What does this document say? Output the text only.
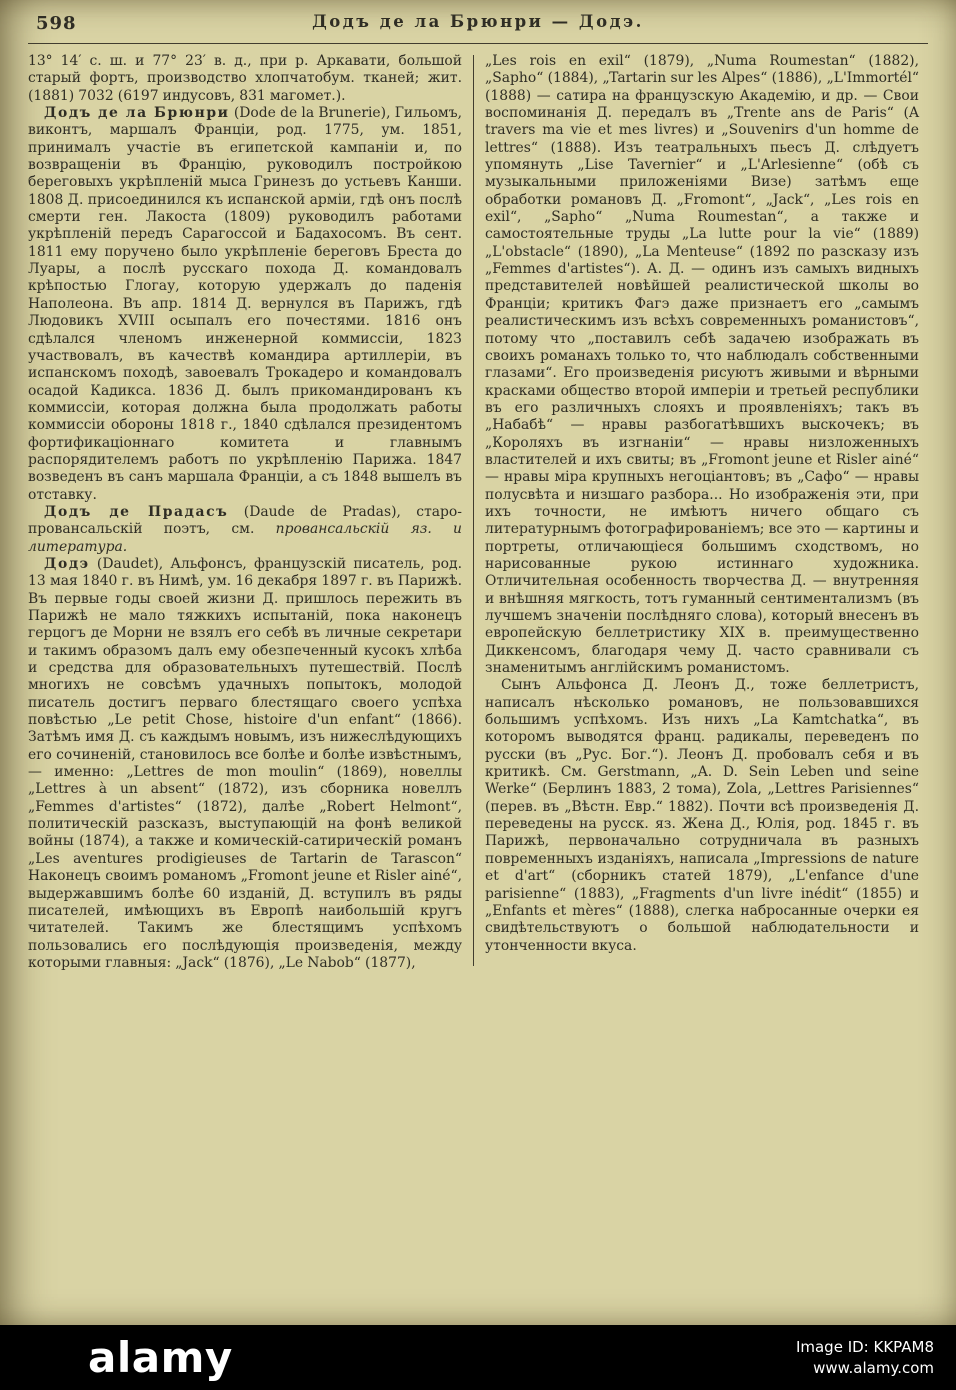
598	Додъ де ла Брюнри — Додэ.

13° 14′ с. ш. и 77° 23′ в. д., при р. Аркавати, большой старый фортъ, производство хлопчатобум. тканей; жит. (1881) 7032 (6197 индусовъ, 831 магомет.).

Додъ де ла Брюнри (Dode de la Brunerie), Гильомъ, виконтъ, маршалъ Франціи, род. 1775, ум. 1851, принималъ участіе въ египетской кампаніи и, по возвращеніи въ Францію, руководилъ постройкою береговыхъ укрѣпленій мыса Гринезъ до устьевъ Канши. 1808 Д. присоединился къ испанской арміи, гдѣ онъ послѣ смерти ген. Лакоста (1809) руководилъ работами укрѣпленій передъ Сарагоссой и Бадахосомъ. Въ сент. 1811 ему поручено было укрѣпленіе береговъ Бреста до Луары, а послѣ русскаго похода Д. командовалъ крѣпостью Глогау, которую удержалъ до паденія Наполеона. Въ апр. 1814 Д. вернулся въ Парижъ, гдѣ Людовикъ XVIII осыпалъ его почестями. 1816 онъ сдѣлался членомъ инженерной коммиссіи, 1823 участвовалъ, въ качествѣ командира артиллеріи, въ испанскомъ походѣ, завоевалъ Трокадеро и командовалъ осадой Кадикса. 1836 Д. былъ прикомандированъ къ коммиссіи, которая должна была продолжать работы коммиссіи обороны 1818 г., 1840 сдѣлался президентомъ фортификаціоннаго комитета и главнымъ распорядителемъ работъ по укрѣпленію Парижа. 1847 возведенъ въ санъ маршала Франціи, а съ 1848 вышелъ въ отставку.

Додъ де Прадасъ (Daude de Pradas), старо-провансальскій поэтъ, см. провансальскій яз. и литература.

Додэ (Daudet), Альфонсъ, французскій писатель, род. 13 мая 1840 г. въ Нимѣ, ум. 16 декабря 1897 г. въ Парижѣ. Въ первые годы своей жизни Д. пришлось пережить въ Парижѣ не мало тяжкихъ испытаній, пока наконецъ герцогъ де Морни не взялъ его себѣ въ личные секретари и такимъ образомъ далъ ему обезпеченный кусокъ хлѣба и средства для образовательныхъ путешествій. Послѣ многихъ не совсѣмъ удачныхъ попытокъ, молодой писатель достигъ перваго блестящаго своего успѣха повѣстью „Le petit Chose, histoire d'un enfant“ (1866). Затѣмъ имя Д. съ каждымъ новымъ, изъ нижеслѣдующихъ его сочиненій, становилось все болѣе и болѣе извѣстнымъ, — именно: „Lettres de mon moulin“ (1869), новеллы „Lettres à un absent“ (1872), изъ сборника новеллъ „Femmes d'artistes“ (1872), далѣе „Robert Helmont“, политическій разсказъ, выступающій на фонѣ великой войны (1874), а также и комическій-сатирическій романъ „Les aventures prodigieuses de Tartarin de Tarascon“ Наконецъ своимъ романомъ „Fromont jeune et Risler ainé“, выдержавшимъ болѣе 60 изданій, Д. вступилъ въ ряды писателей, имѣющихъ въ Европѣ наибольшій кругъ читателей. Такимъ же блестящимъ успѣхомъ пользовались его послѣдующія произведенія, между которыми главныя: „Jack“ (1876), „Le Nabob“ (1877),

„Les rois en exil“ (1879), „Numa Roumestan“ (1882), „Sapho“ (1884), „Tartarin sur les Alpes“ (1886), „L'Immortél“ (1888) — сатира на французскую Академію, и др. — Свои воспоминанія Д. передалъ въ „Trente ans de Paris“ (A travers ma vie et mes livres) и „Souvenirs d'un homme de lettres“ (1888). Изъ театральныхъ пьесъ Д. слѣдуетъ упомянуть „Lise Tavernier“ и „L'Arlesienne“ (обѣ съ музыкальными приложеніями Визе) затѣмъ еще обработки романовъ Д. „Fromont“, „Jack“, „Les rois en exil“, „Sapho“ „Numa Roumestan“, а также и самостоятельные труды „La lutte pour la vie“ (1889) „L'obstacle“ (1890), „La Menteuse“ (1892 по разсказу изъ „Femmes d'artistes“). А. Д. — одинъ изъ самыхъ видныхъ представителей новѣйшей реалистической школы во Франціи; критикъ Фагэ даже признаетъ его „самымъ реалистическимъ изъ всѣхъ современныхъ романистовъ“, потому что „поставилъ себѣ задачею изображать въ своихъ романахъ только то, что наблюдалъ собственными глазами“. Его произведенія рисуютъ живыми и вѣрными красками общество второй имперіи и третьей республики въ его различныхъ слояхъ и проявленіяхъ; такъ въ „Набабѣ“ — нравы разбогатѣвшихъ выскочекъ; въ „Короляхъ въ изгнаніи“ — нравы низложенныхъ властителей и ихъ свиты; въ „Fromont jeune et Risler ainé“ — нравы міра крупныхъ негоціантовъ; въ „Сафо“ — нравы полусвѣта и низшаго разбора... Но изображенія эти, при ихъ точности, не имѣютъ ничего общаго съ литературнымъ фотографированіемъ; все это — картины и портреты, отличающіеся большимъ сходствомъ, но нарисованные рукою истиннаго художника. Отличительная особенность творчества Д. — внутренняя и внѣшняя мягкость, тотъ гуманный сентиментализмъ (въ лучшемъ значеніи послѣдняго слова), который внесенъ въ европейскую беллетристику XIX в. преимущественно Диккенсомъ, благодаря чему Д. часто сравнивали съ знаменитымъ англійскимъ романистомъ.

Сынъ Альфонса Д. Леонъ Д., тоже беллетристъ, написалъ нѣсколько романовъ, не пользовавшихся большимъ успѣхомъ. Изъ нихъ „La Kamtchatka“, въ которомъ выводятся франц. радикалы, переведенъ по русски (въ „Рус. Бог.“). Леонъ Д. пробовалъ себя и въ критикѣ. См. Gerstmann, „A. D. Sein Leben und seine Werke“ (Берлинъ 1883, 2 тома), Zola, „Lettres Parisiennes“ (перев. въ „Вѣстн. Евр.“ 1882). Почти всѣ произведенія Д. переведены на русск. яз. Жена Д., Юлія, род. 1845 г. въ Парижѣ, первоначально сотрудничала въ разныхъ повременныхъ изданіяхъ, написала „Impressions de nature et d'art“ (сборникъ статей 1879), „L'enfance d'une parisienne“ (1883), „Fragments d'un livre inédit“ (1855) и „Enfants et mères“ (1888), слегка набросанные очерки ея свидѣтельствуютъ о большой наблюдательности и утонченности вкуса.

alamy	Image ID: KKPAM8
www.alamy.com
